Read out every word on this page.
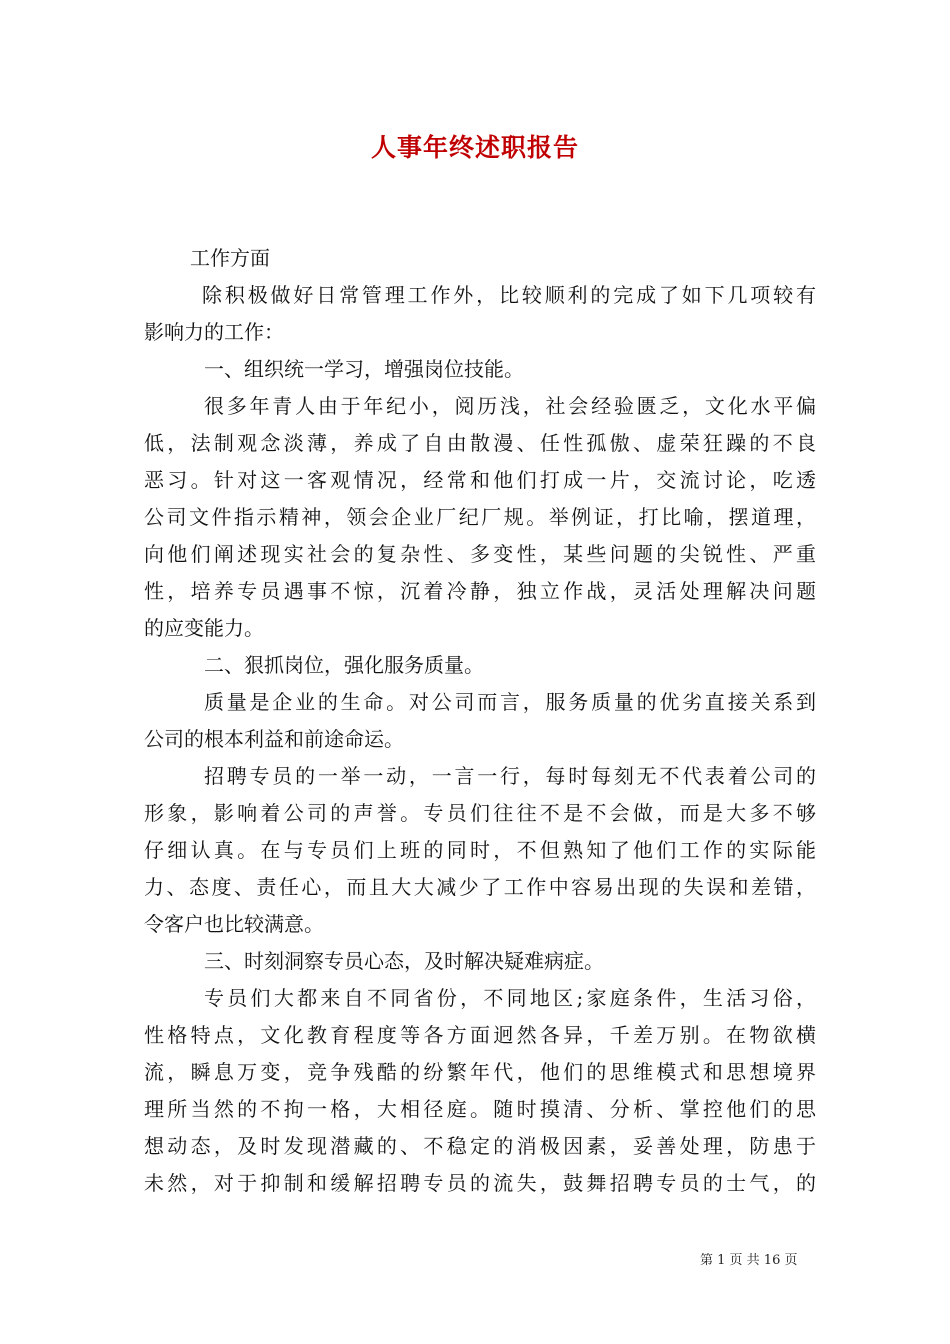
人事年终述职报告
工作方面
除积极做好日常管理工作外，比较顺利的完成了如下几项较有
影响力的工作：
一、组织统一学习，增强岗位技能。
很多年青人由于年纪小，阅历浅，社会经验匮乏，文化水平偏
低，法制观念淡薄，养成了自由散漫、任性孤傲、虚荣狂躁的不良
恶习。针对这一客观情况，经常和他们打成一片，交流讨论，吃透
公司文件指示精神，领会企业厂纪厂规。举例证，打比喻，摆道理，
向他们阐述现实社会的复杂性、多变性，某些问题的尖锐性、严重
性，培养专员遇事不惊，沉着冷静，独立作战，灵活处理解决问题
的应变能力。
二、狠抓岗位，强化服务质量。
质量是企业的生命。对公司而言，服务质量的优劣直接关系到
公司的根本利益和前途命运。
招聘专员的一举一动，一言一行，每时每刻无不代表着公司的
形象，影响着公司的声誉。专员们往往不是不会做，而是大多不够
仔细认真。在与专员们上班的同时，不但熟知了他们工作的实际能
力、态度、责任心，而且大大减少了工作中容易出现的失误和差错，
令客户也比较满意。
三、时刻洞察专员心态，及时解决疑难病症。
专员们大都来自不同省份，不同地区;家庭条件，生活习俗，
性格特点，文化教育程度等各方面迥然各异，千差万别。在物欲横
流，瞬息万变，竞争残酷的纷繁年代，他们的思维模式和思想境界
理所当然的不拘一格，大相径庭。随时摸清、分析、掌控他们的思
想动态，及时发现潜藏的、不稳定的消极因素，妥善处理，防患于
未然，对于抑制和缓解招聘专员的流失，鼓舞招聘专员的士气，的
第 1 页 共 16 页
